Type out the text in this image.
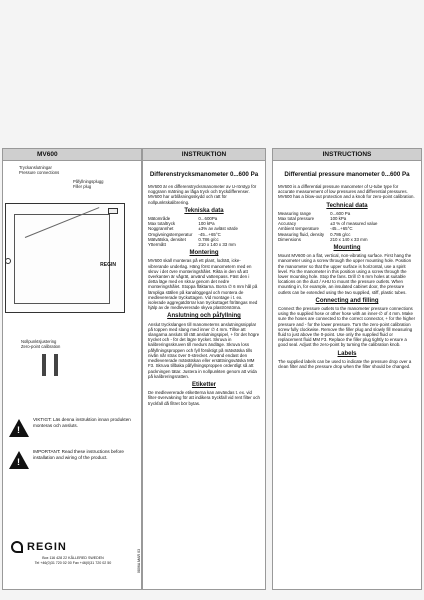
MV600
Tryckanslutningar
Pressure connections
Påfyllningsplugg
Filler plug
REGIN
Nollpunktsjustering
Zero-point calibration
!
VIKTIGT: Läs denna instruktion innan produkten monteras och ansluts.
!
IMPORTANT: Read these instructions before installation and wiring of the product.
REGIN
Box 116 428 22 KÅLLERED SWEDEN
Tel +46(0)31 720 02 00 Fax +46(0)31 720 02 50	0806A MAR 03
INSTRUKTION
Differenstrycksmanometer 0...600 Pa

MV600 är en differenstrycksmanometer av U-rörstyp för noggrann mätning av låga tryck och tryckdifferenser. MV600 har urblåsningsskydd och ratt för nollpunktskalibrering.

Tekniska data
Mätområde	0...600Pa
Max totaltryck	100 kPa
Noggrannhet	±3% av avläst värde
Omgivningstemperatur	-45...+65°C
Mätvätska, densitet	0.786 g/cc
Yttermått	210 x 140 x 33 mm
Montering

MV600 skall monteras på ett plant, lodrätt, icke-vibrerande underlag. Häng först manometern med en skruv i det övre monteringshålet. Rikta in den så att överkanten är vågrät, använd vattenpass. Fäst den i detta läge med en skruv genom det nedre monteringshålet. Stoppa fläktarna. Borra ∅ 6 mm hål på lämpliga ställen på kanalöggegal och montera de medlevererade tryckuttagen. Vid montage i t. ex. isolerade aggregatdörrar kan tryckuttaget förlängas med hjälp av de medlevererade skyva plaströrstöma.

Anslutning och påfyllning

Anslut tryckslangen till manometerns anslutningsnipplar på toppen med slang med inner ∅ 4 mm. Tillse att slangarna ansluts till rätt anslutningspipel, + för det högre trycket och - för det lägre trycket. Skruva in kalibreringsskruven till medurs ändläge. Skruva loss påfyllningsproppen och fyll försiktigt på mätvätska tills nivån når strax över 0-strecket. Använd endast den medlevererade mätvätskan eller ersättningsvätska MM F3. Skruva tillbaka påfyllningsproppen ordentligt så att packningen tätar. Justera in nollpunkten genom att vrida på kalibreringsratten.

Etiketter

De medlevererade etiketterna kan användas t. ex. vid filter-övervakning för att indikera tryckfall vid rent filter och tryckfall då filtret bör bytas.

INSTRUCTIONS
Differential pressure manometer 0...600 Pa

MV600 is a differential pressure manometer of U-tube type for accurate measurement of low pressures and differential pressures. MV600 has a blow-out protection and a knob for zero-point calibration.

Technical data
Measuring range	0...600 Pa
Max total pressure	100 kPa
Accuracy	±3 % of measured value
Ambient temperature	-45...+65°C
Measuring fluid, density	0.786 g/cc
Dimensions	210 x 140 x 33 mm
Mounting

Mount MV600 on a flat, vertical, non-vibrating surface. First hang the manometer using a screw through the upper mounting hole. Position the manometer so that the upper surface is horizontal, use a spirit level. Fix the manometer in this position using a screw through the lower mounting hole. Stop the fans. Drill ∅ 6 mm holes at suitable locations on the duct / AHU to mount the pressure outlets. When mounting in, for example, an insulated cabinet door, the pressure outlets can be extended using the two supplied, stiff, plastic tubes.

Connecting and filling

Connect the pressure outlets to the manometer pressure connections using the supplied hose or other hose with an inner-∅ of 4 mm. Make sure the hoses are connected to the correct connector, + for the higher pressure and - for the lower pressure. Turn the zero-point calibration screw fully clockwise. Remove the filler plug and slowly fill measuring fluid to just above the 0-point. Use only the supplied fluid or replacement fluid MM F3. Replace the filler plug tightly to ensure a good seal. Adjust the zero-point by turning the calibration knob.

Labels

The supplied labels can be used to indicate the pressure drop over a clean filter and the pressure drop when the filter should be changed.
